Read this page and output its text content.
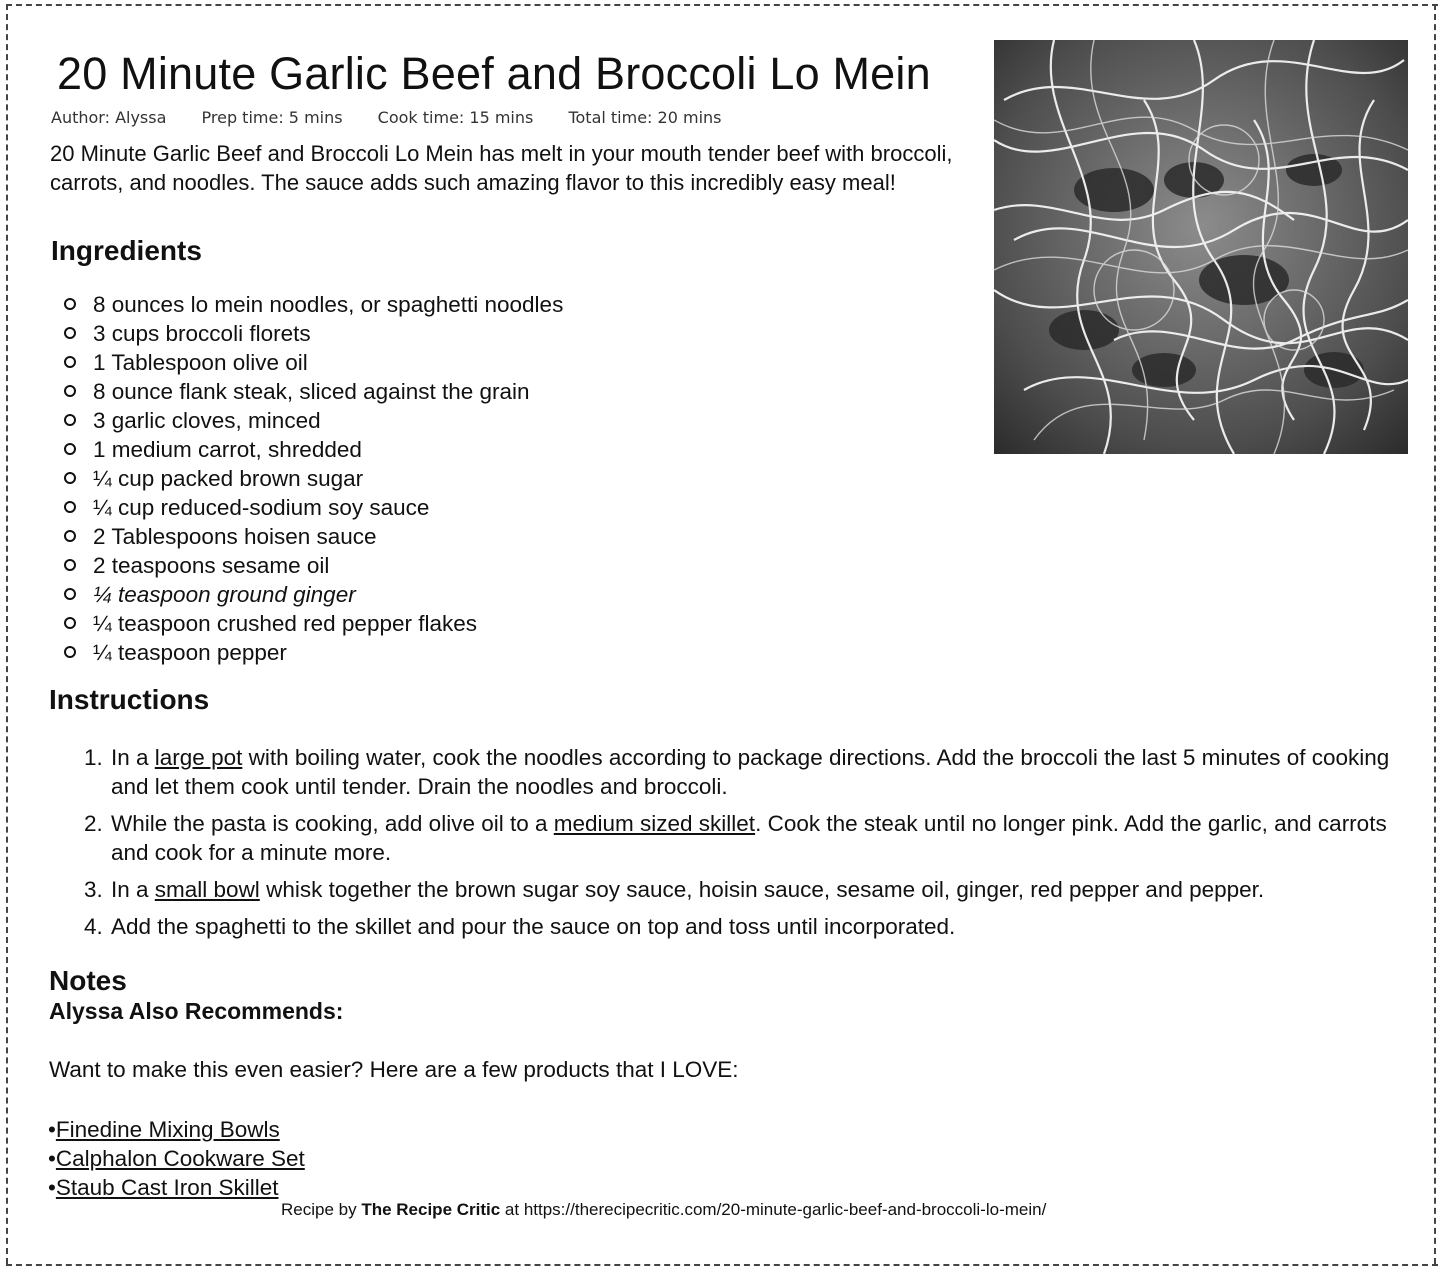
20 Minute Garlic Beef and Broccoli Lo Mein
Author: Alyssa Prep time: 5 mins Cook time: 15 mins Total time: 20 mins

20 Minute Garlic Beef and Broccoli Lo Mein has melt in your mouth tender beef with broccoli, carrots, and noodles. The sauce adds such amazing flavor to this incredibly easy meal!

Ingredients
8 ounces lo mein noodles, or spaghetti noodles
3 cups broccoli florets
1 Tablespoon olive oil
8 ounce flank steak, sliced against the grain
3 garlic cloves, minced
1 medium carrot, shredded
¼ cup packed brown sugar
¼ cup reduced-sodium soy sauce
2 Tablespoons hoisen sauce
2 teaspoons sesame oil
¼ teaspoon ground ginger
¼ teaspoon crushed red pepper flakes
¼ teaspoon pepper
Instructions
1. In a large pot with boiling water, cook the noodles according to package directions. Add the broccoli the last 5 minutes of cooking and let them cook until tender. Drain the noodles and broccoli.
2. While the pasta is cooking, add olive oil to a medium sized skillet. Cook the steak until no longer pink. Add the garlic, and carrots and cook for a minute more.
3. In a small bowl whisk together the brown sugar soy sauce, hoisin sauce, sesame oil, ginger, red pepper and pepper.
4. Add the spaghetti to the skillet and pour the sauce on top and toss until incorporated.
Notes

Alyssa Also Recommends:

Want to make this even easier? Here are a few products that I LOVE:

•Finedine Mixing Bowls
•Calphalon Cookware Set
•Staub Cast Iron Skillet
Recipe by The Recipe Critic at https://therecipecritic.com/20-minute-garlic-beef-and-broccoli-lo-mein/
